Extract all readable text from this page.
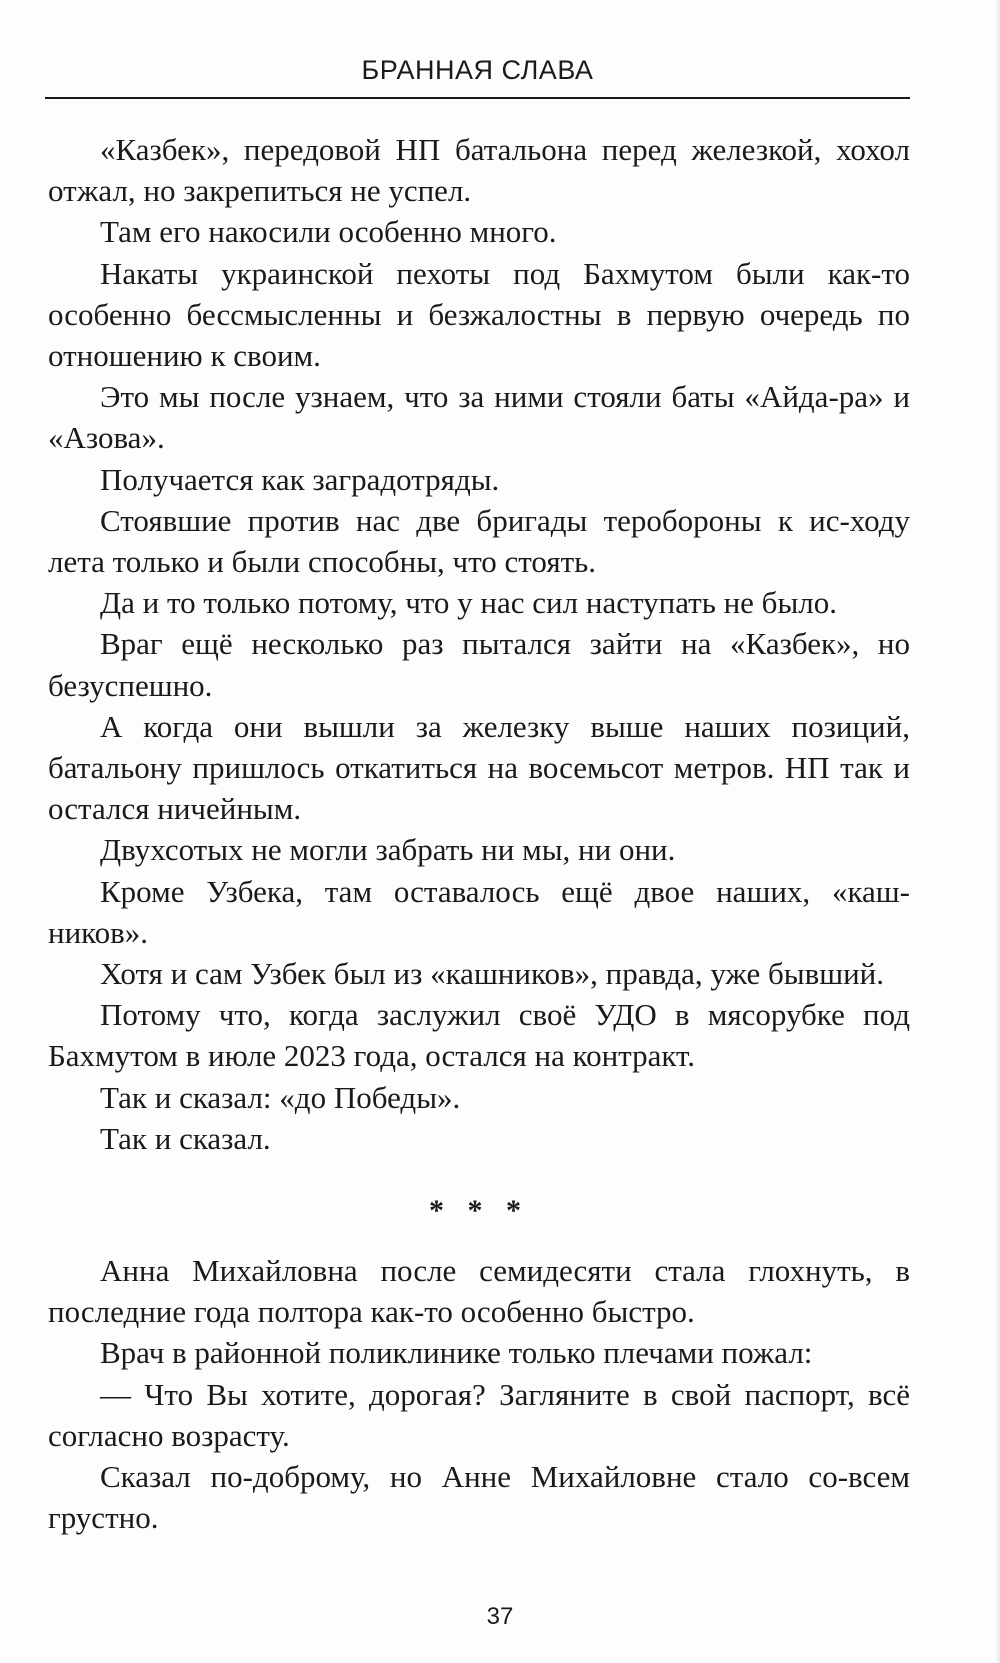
БРАННАЯ СЛАВА

«Казбек», передовой НП батальона перед железкой, хохол отжал, но закрепиться не успел.

Там его накосили особенно много.

Накаты украинской пехоты под Бахмутом были как-то особенно бессмысленны и безжалостны в первую очередь по отношению к своим.

Это мы после узнаем, что за ними стояли баты «Айда-ра» и «Азова».

Получается как заградотряды.

Стоявшие против нас две бригады теробороны к ис-ходу лета только и были способны, что стоять.

Да и то только потому, что у нас сил наступать не было.

Враг ещё несколько раз пытался зайти на «Казбек», но безуспешно.

А когда они вышли за железку выше наших позиций, батальону пришлось откатиться на восемьсот метров. НП так и остался ничейным.

Двухсотых не могли забрать ни мы, ни они.

Кроме Узбека, там оставалось ещё двое наших, «каш-ников».

Хотя и сам Узбек был из «кашников», правда, уже бывший.

Потому что, когда заслужил своё УДО в мясорубке под Бахмутом в июле 2023 года, остался на контракт.

Так и сказал: «до Победы».

Так и сказал.

* * *

Анна Михайловна после семидесяти стала глохнуть, в последние года полтора как-то особенно быстро.

Врач в районной поликлинике только плечами пожал:

— Что Вы хотите, дорогая? Загляните в свой паспорт, всё согласно возрасту.

Сказал по-доброму, но Анне Михайловне стало со-всем грустно.

37
